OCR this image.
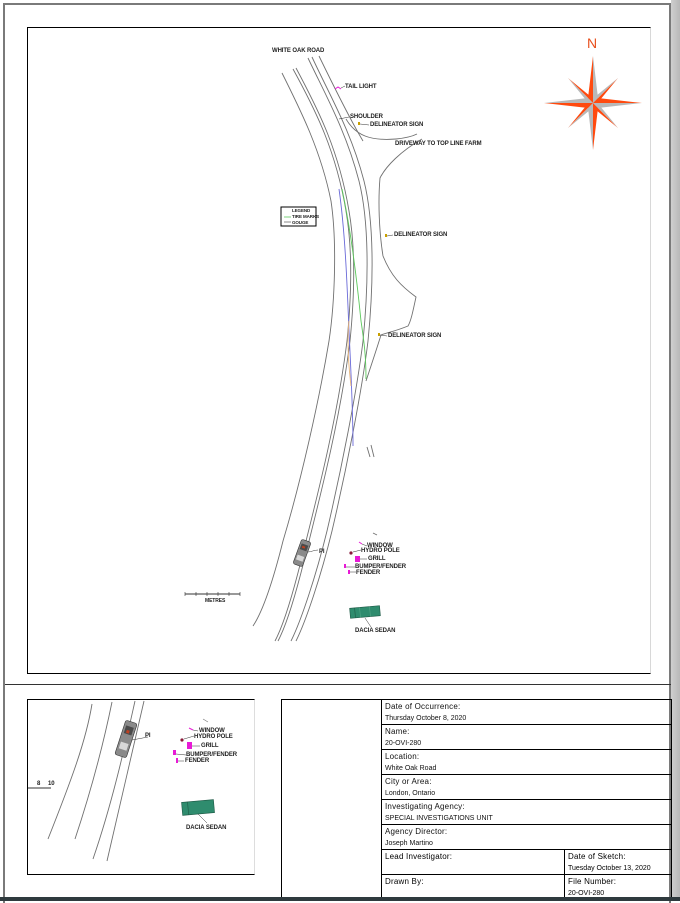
N
WHITE OAK ROAD
TAIL LIGHT
SHOULDER
DELINEATOR SIGN
DRIVEWAY TO TOP LINE FARM
DELINEATOR SIGN
DELINEATOR SIGN
LEGEND
TIRE MARKS
GOUGE
PI
WINDOW
HYDRO POLE
GRILL
BUMPER/FENDER
FENDER
DACIA SEDAN
METRES
PI
WINDOW
HYDRO POLE
GRILL
BUMPER/FENDER
FENDER
DACIA SEDAN
8 10
Date of Occurrence:
Thursday October 8, 2020
Name:
20-OVI-280
Location:
White Oak Road
City or Area:
London, Ontario
Investigating Agency:
SPECIAL INVESTIGATIONS UNIT
Agency Director:
Joseph Martino
Lead Investigator:	Date of Sketch:
Tuesday October 13, 2020
Drawn By:	File Number:
20-OVI-280
